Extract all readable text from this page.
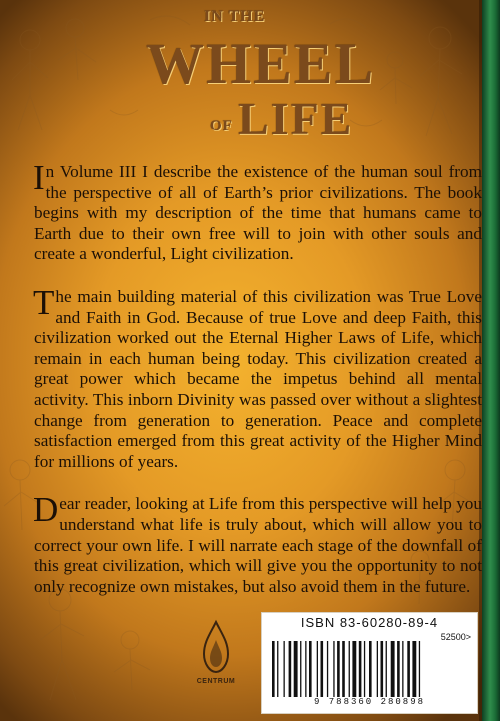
IN THE
WHEEL
OF LIFE

In Volume III I describe the existence of the human soul from the perspective of all of Earth’s prior civilizations. The book begins with my description of the time that humans came to Earth due to their own free will to join with other souls and create a wonderful, Light civilization.

The main building material of this civilization was True Love and Faith in God. Because of true Love and deep Faith, this civilization worked out the Eternal Higher Laws of Life, which remain in each human being today. This civilization created a great power which became the impetus behind all mental activity. This inborn Divinity was passed over without a slightest change from generation to generation. Peace and complete satisfaction emerged from this great activity of the Higher Mind for millions of years.

Dear reader, looking at Life from this perspective will help you understand what life is truly about, which will allow you to correct your own life. I will narrate each stage of the downfall of this great civilization, which will give you the opportunity to not only recognize own mistakes, but also avoid them in the future.

CENTRUM
ISBN 83-60280-89-4
52500>
9 788360 280898
